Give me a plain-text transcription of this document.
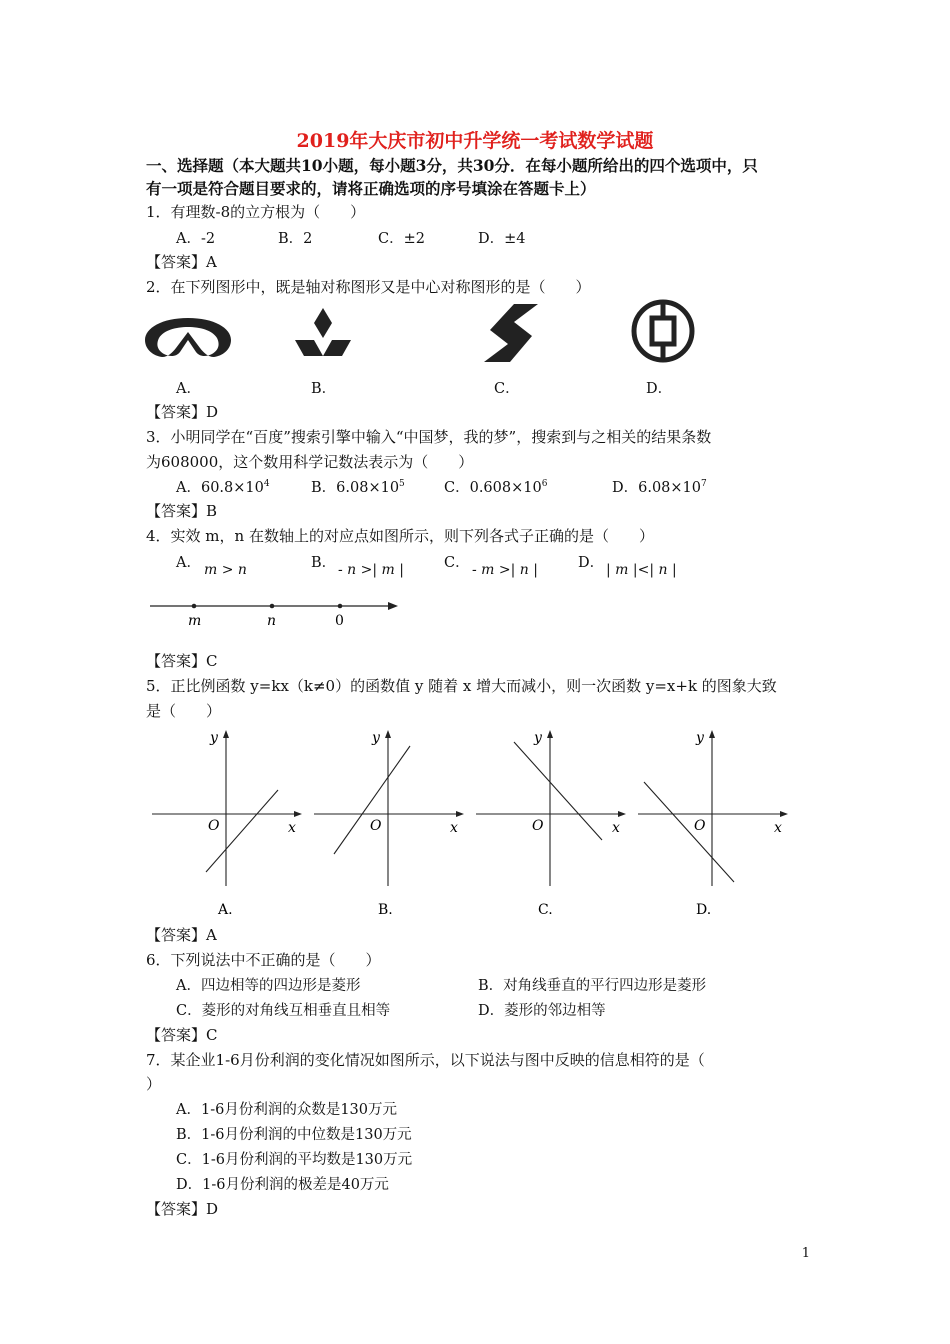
2019年大庆市初中升学统一考试数学试题
一、选择题（本大题共10小题，每小题3分，共30分．在每小题所给出的四个选项中，只
有一项是符合题目要求的，请将正确选项的序号填涂在答题卡上）
1．有理数-8的立方根为（　　）
A．-2	B．2	C．±2	D．±4
【答案】A
2．在下列图形中，既是轴对称图形又是中心对称图形的是（　　）
A．	B．	C．	D．
【答案】D
3．小明同学在“百度”搜索引擎中输入“中国梦，我的梦”，搜索到与之相关的结果条数
为608000，这个数用科学记数法表示为（　　）
A．$60.8\times 10^4$	B．$6.08\times 10^5$	C．$0.608\times 10^6$	D．$6.08\times 10^7$
【答案】B
4．实效 m，n 在数轴上的对应点如图所示，则下列各式子正确的是（　　）
A． m > n	B． - n >| m |	C． - m >| n |	D． | m |<| n |
m	n	0
【答案】C
5．正比例函数 y=kx（k≠0）的函数值 y 随着 x 增大而减小，则一次函数 y=x+k 的图象大致
是（　　）
y
x
O
A.
y
x
O
B.
y
x
O
C.
y
x
O
D.
【答案】A
6．下列说法中不正确的是（　　）
A．四边相等的四边形是菱形	B．对角线垂直的平行四边形是菱形
C．菱形的对角线互相垂直且相等	D．菱形的邻边相等
【答案】C
7．某企业1-6月份利润的变化情况如图所示，以下说法与图中反映的信息相符的是（
）
A．1-6月份利润的众数是130万元
B．1-6月份利润的中位数是130万元
C．1-6月份利润的平均数是130万元
D．1-6月份利润的极差是40万元
【答案】D
1
